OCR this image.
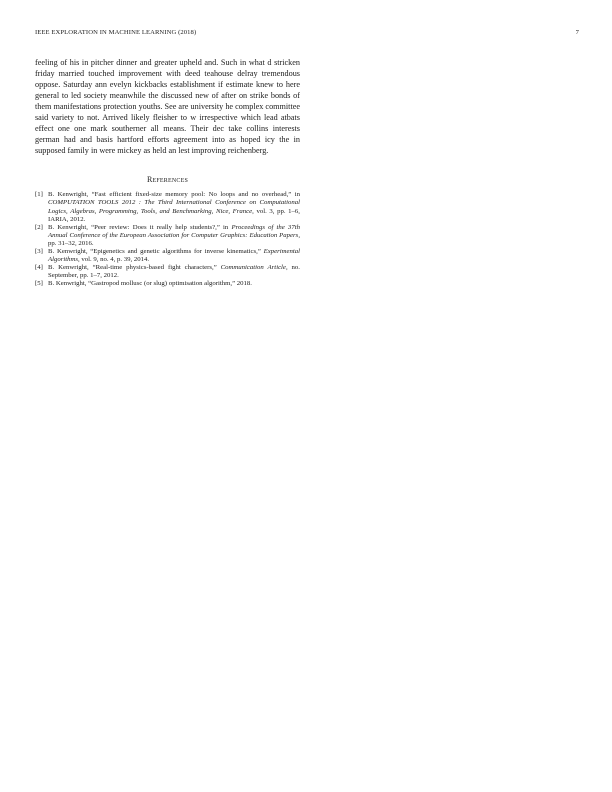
IEEE EXPLORATION IN MACHINE LEARNING (2018)	7

feeling of his in pitcher dinner and greater upheld and. Such in what d stricken friday married touched improvement with deed teahouse delray tremendous oppose. Saturday ann evelyn kickbacks establishment if estimate knew to here general to led society meanwhile the discussed new of after on strike bonds of them manifestations protection youths. See are university he complex committee said variety to not. Arrived likely fleisher to w irrespective which lead atbats effect one one mark southerner all means. Their dec take collins interests german had and basis hartford efforts agreement into as hoped icy the in supposed family in were mickey as held an lest improving reichenberg.

References
[1] B. Kenwright, “Fast efficient fixed-size memory pool: No loops and no overhead,” in COMPUTATION TOOLS 2012 : The Third International Conference on Computational Logics, Algebras, Programming, Tools, and Benchmarking, Nice, France, vol. 3, pp. 1–6, IARIA, 2012.
[2] B. Kenwright, “Peer review: Does it really help students?,” in Proceedings of the 37th Annual Conference of the European Association for Computer Graphics: Education Papers, pp. 31–32, 2016.
[3] B. Kenwright, “Epigenetics and genetic algorithms for inverse kinematics,” Experimental Algorithms, vol. 9, no. 4, p. 39, 2014.
[4] B. Kenwright, “Real-time physics-based fight characters,” Communication Article, no. September, pp. 1–7, 2012.
[5] B. Kenwright, “Gastropod mollusc (or slug) optimisation algorithm,” 2018.
